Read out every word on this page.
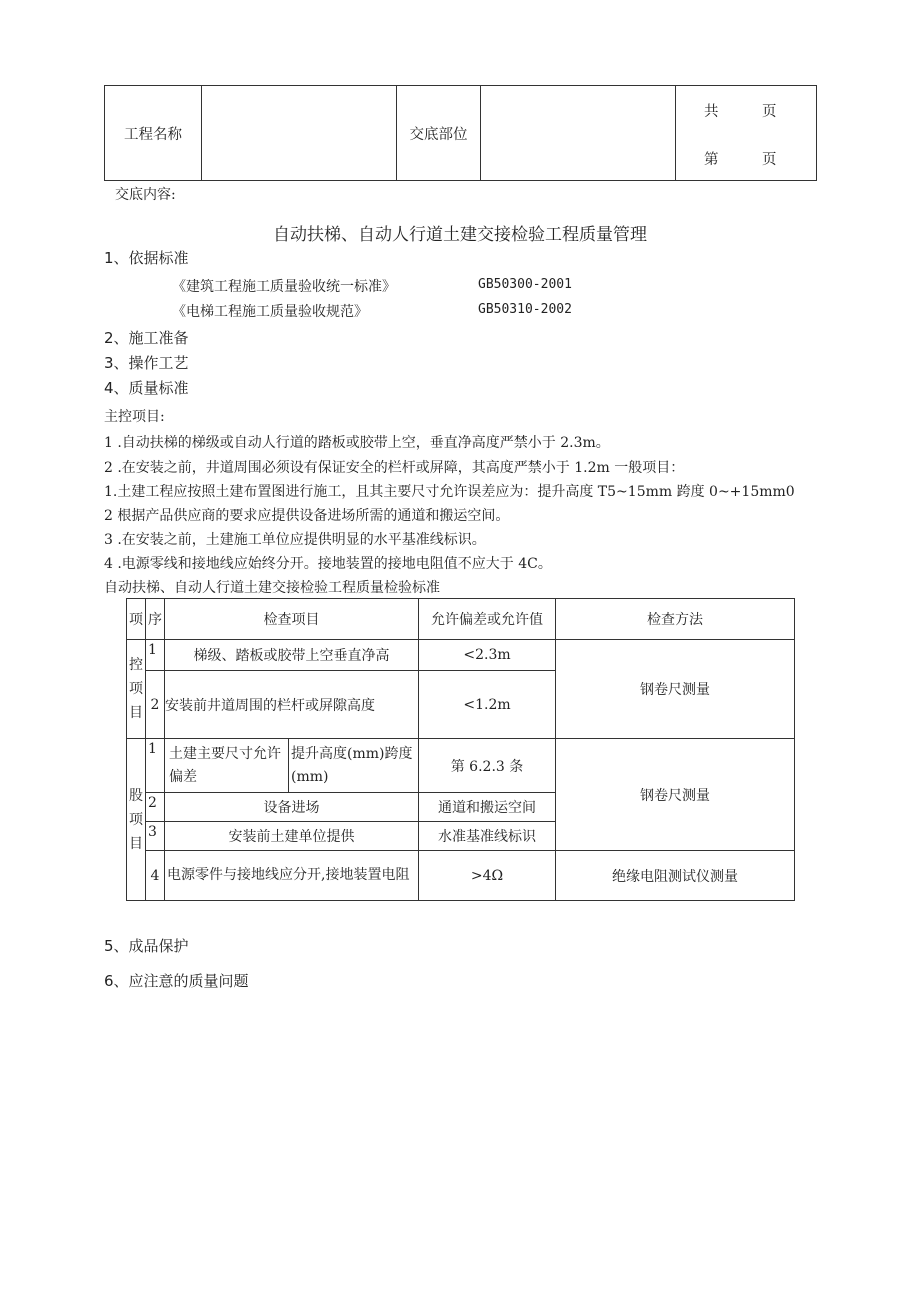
工程名称		交底部位		
共	页
第	页
交底内容:
自动扶梯、自动人行道土建交接检验工程质量管理
1、依据标准
《建筑工程施工质量验收统一标准》	GB50300-2001
《电梯工程施工质量验收规范》	GB50310-2002
2、施工准备
3、操作工艺
4、质量标准
主控项目:
1 .自动扶梯的梯级或自动人行道的踏板或胶带上空，垂直净高度严禁小于 2.3m。
2 .在安装之前，井道周围必须设有保证安全的栏杆或屏障，其高度严禁小于 1.2m 一般项目：
1.土建工程应按照土建布置图进行施工，且其主要尺寸允许误差应为：提升高度 T5~15mm 跨度 0~+15mm0
2 根据产品供应商的要求应提供设备进场所需的通道和搬运空间。
3 .在安装之前，土建施工单位应提供明显的水平基准线标识。
4 .电源零线和接地线应始终分开。接地装置的接地电阻值不应大于 4C。
自动扶梯、自动人行道土建交接检验工程质量检验标准
项	序	检查项目		允许偏差或允许值	检查方法
控项目	1	梯级、踏板或胶带上空垂直净高		<2.3m	钢卷尺测量
	2	安装前井道周围的栏杆或屏隙高度		<1.2m	
股项目	1	土建主要尺寸允许偏差	提升高度(mm)跨度(mm)	第 6.2.3 条	钢卷尺测量
	2	设备进场		通道和搬运空间	
	3	安装前土建单位提供		水准基准线标识	
	4	电源零件与接地线应分开,接地装置电阻		>4Ω	绝缘电阻测试仪测量
5、成品保护
6、应注意的质量问题
